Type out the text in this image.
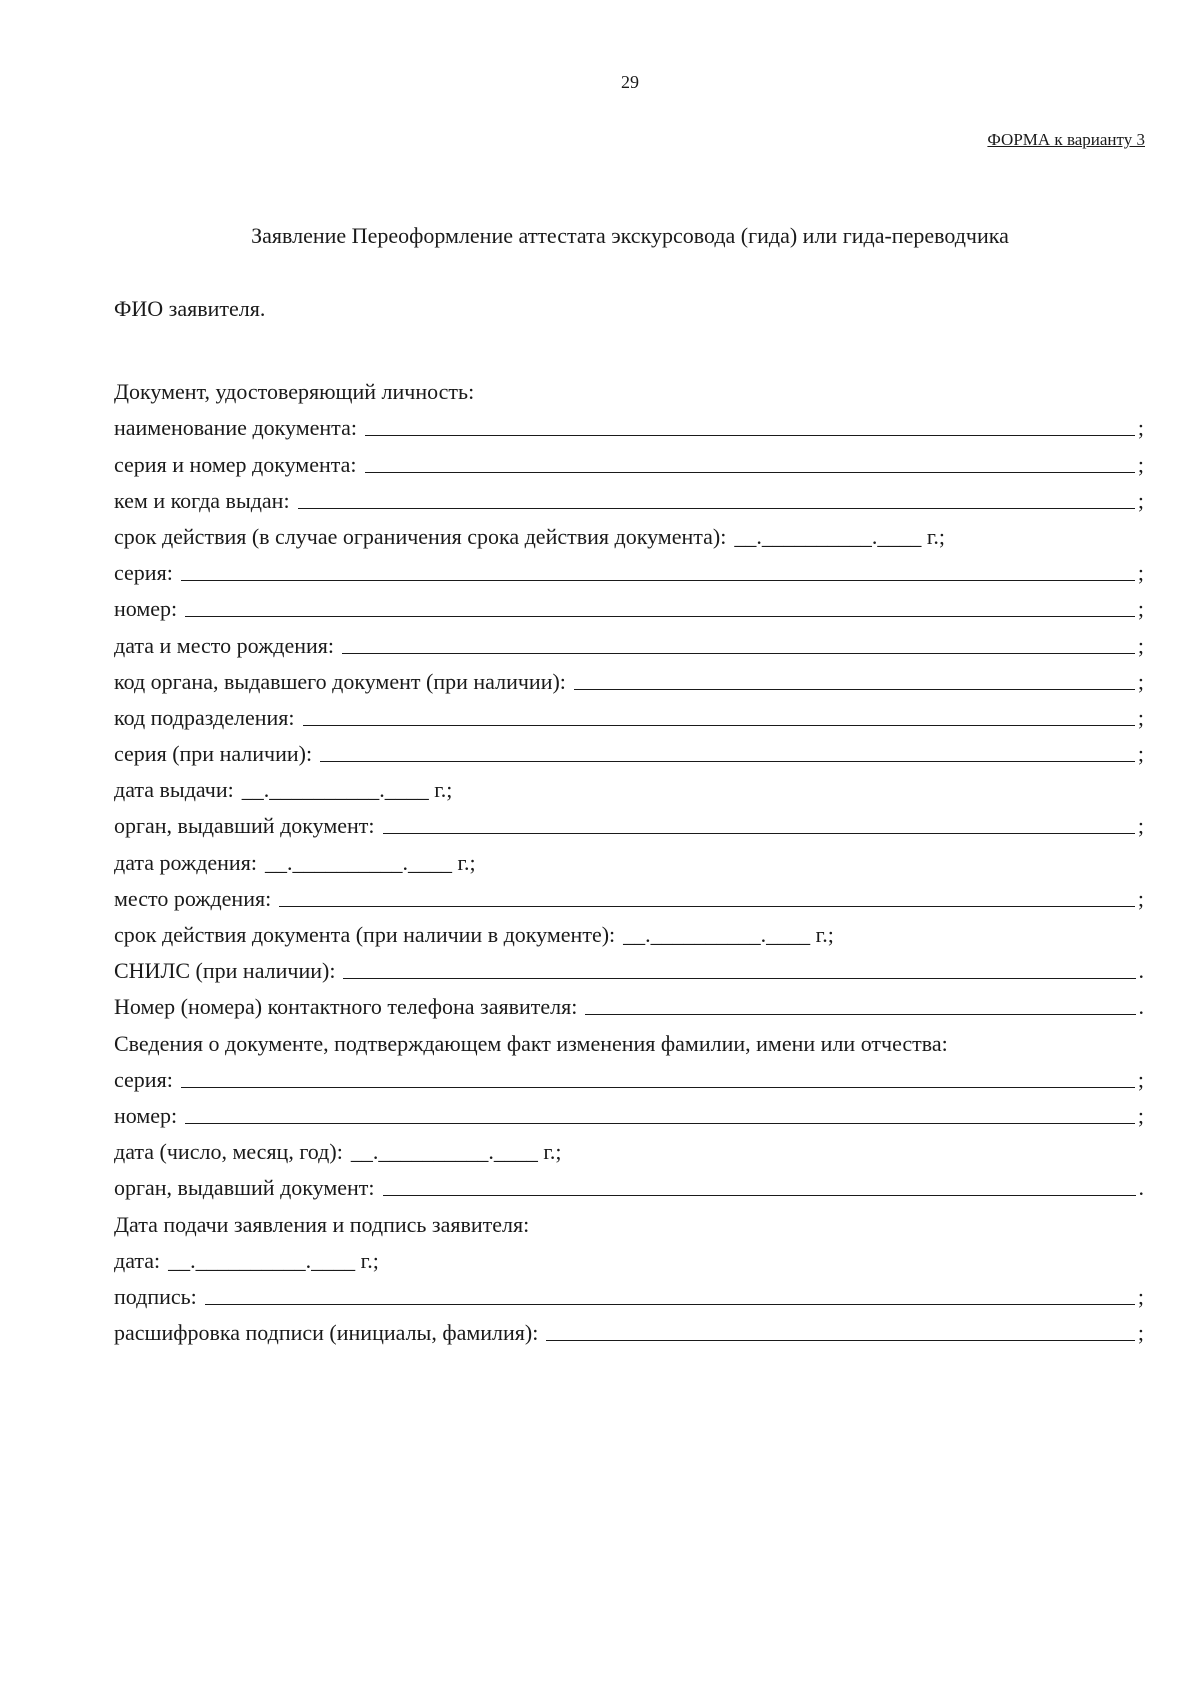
29
ФОРМА к варианту 3
Заявление Переоформление аттестата экскурсовода (гида) или гида-переводчика
ФИО заявителя.
Документ, удостоверяющий личность:
наименование документа:	;
серия и номер документа:	;
кем и когда выдан:	;
срок действия (в случае ограничения срока действия документа): __.__________.____ г.;
серия:	;
номер:	;
дата и место рождения:	;
код органа, выдавшего документ (при наличии):	;
код подразделения:	;
серия (при наличии):	;
дата выдачи: __.__________.____ г.;
орган, выдавший документ:	;
дата рождения: __.__________.____ г.;
место рождения:	;
срок действия документа (при наличии в документе): __.__________.____ г.;
СНИЛС (при наличии):	.
Номер (номера) контактного телефона заявителя:	.
Сведения о документе, подтверждающем факт изменения фамилии, имени или отчества:
серия:	;
номер:	;
дата (число, месяц, год): __.__________.____ г.;
орган, выдавший документ:	.
Дата подачи заявления и подпись заявителя:
дата: __.__________.____ г.;
подпись:	;
расшифровка подписи (инициалы, фамилия):	;
